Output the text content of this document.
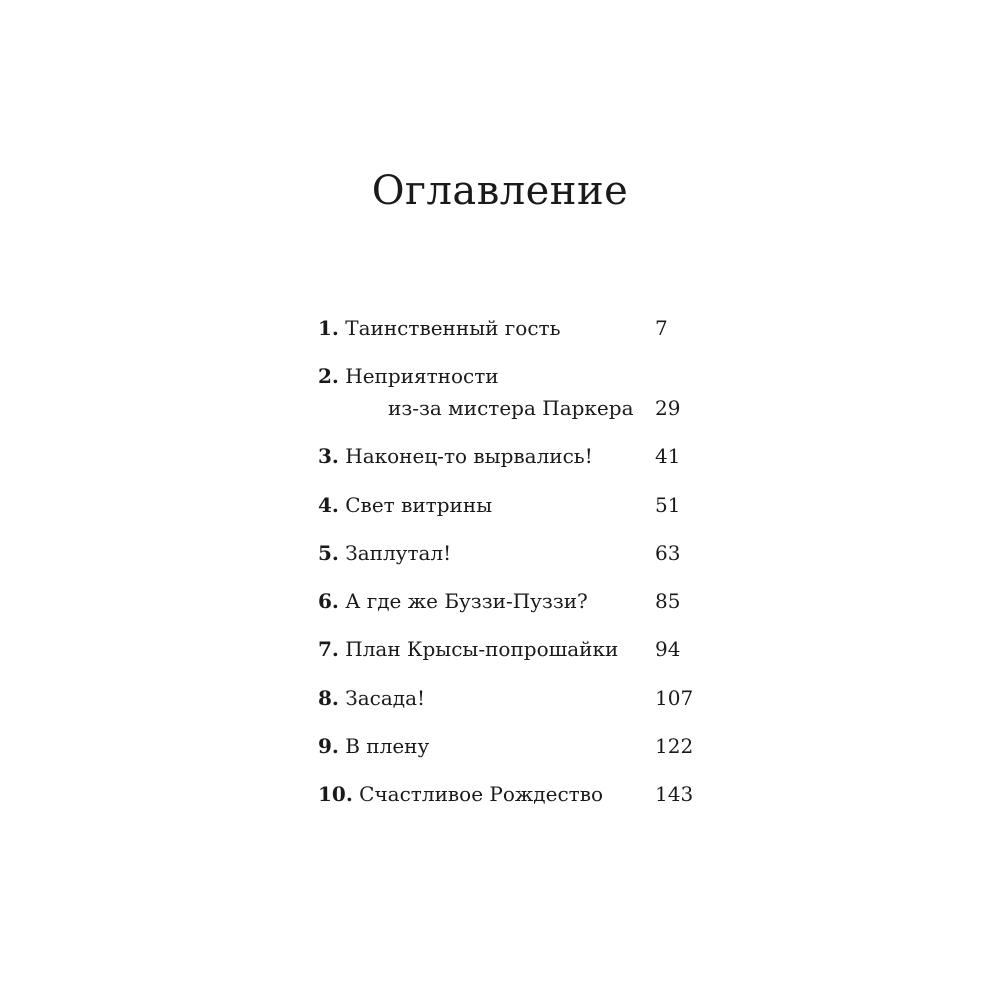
Оглавление
1. Таинственный гость	7
2. Неприятности
из-за мистера Паркера 29
3. Наконец-то вырвались!	41
4. Свет витрины	51
5. Заплутал!	63
6. А где же Буззи-Пуззи?	85
7. План Крысы-попрошайки 94
8. Засада!	107
9. В плену	122
10. Счастливое Рождество	143
